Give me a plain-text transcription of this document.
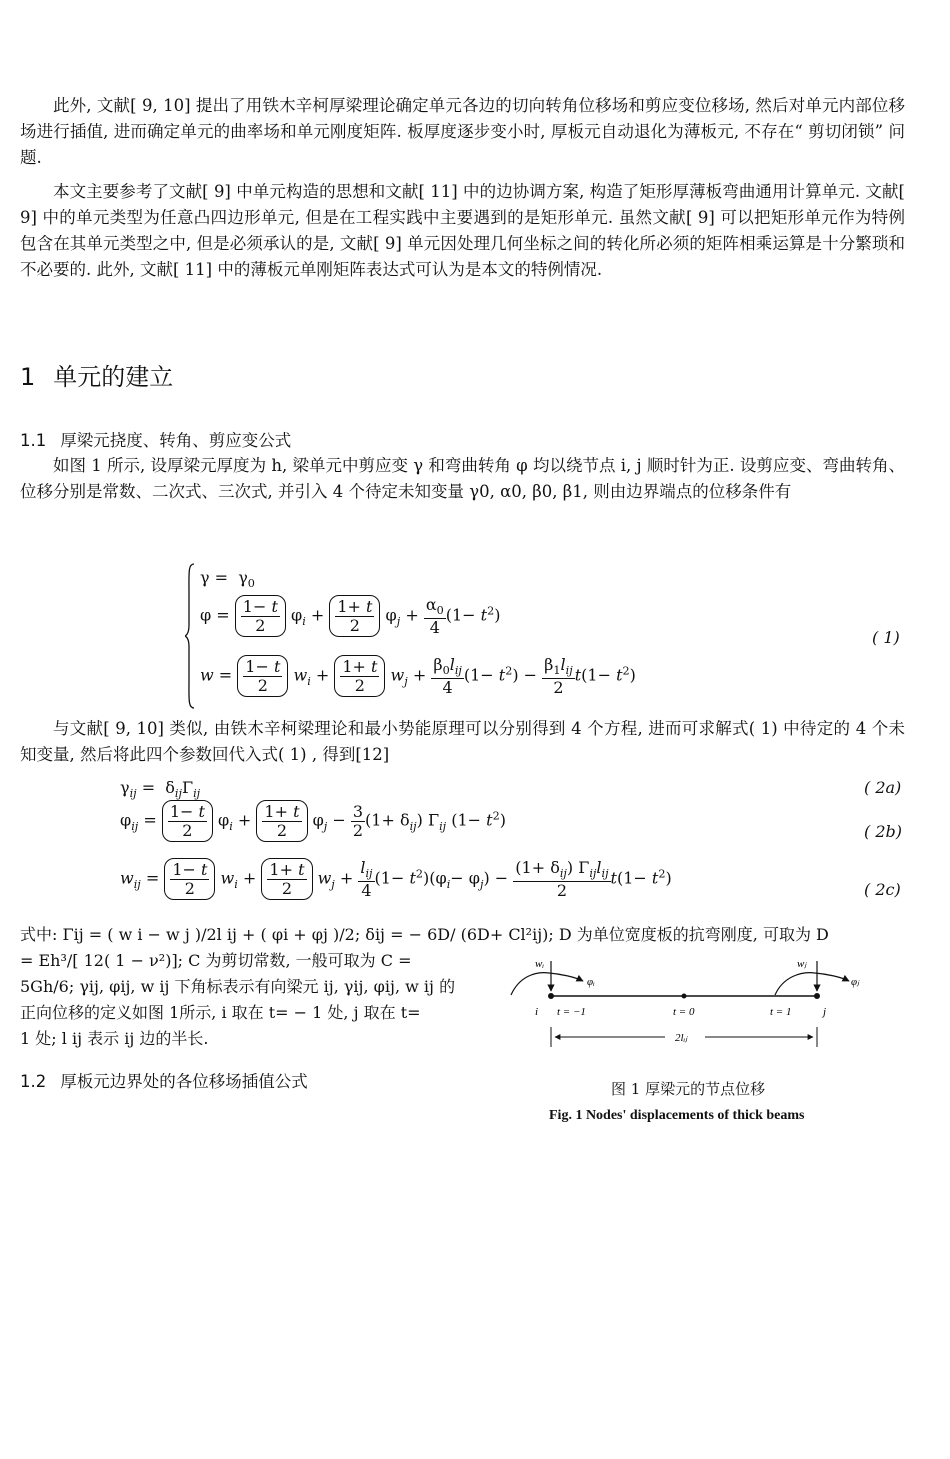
此外, 文献[ 9, 10] 提出了用铁木辛柯厚梁理论确定单元各边的切向转角位移场和剪应变位移场, 然后对单元内部位移场进行插值, 进而确定单元的曲率场和单元刚度矩阵. 板厚度逐步变小时, 厚板元自动退化为薄板元, 不存在“ 剪切闭锁” 问题.

本文主要参考了文献[ 9] 中单元构造的思想和文献[ 11] 中的边协调方案, 构造了矩形厚薄板弯曲通用计算单元. 文献[ 9] 中的单元类型为任意凸四边形单元, 但是在工程实践中主要遇到的是矩形单元. 虽然文献[ 9] 可以把矩形单元作为特例包含在其单元类型之中, 但是必须承认的是, 文献[ 9] 单元因处理几何坐标之间的转化所必须的矩阵相乘运算是十分繁琐和不必要的. 此外, 文献[ 11] 中的薄板元单刚矩阵表达式可认为是本文的特例情况.

1 单元的建立
1.1 厚梁元挠度、转角、剪应变公式

如图 1 所示, 设厚梁元厚度为 h, 梁单元中剪应变 γ 和弯曲转角 φ 均以绕节点 i, j 顺时针为正. 设剪应变、弯曲转角、位移分别是常数、二次式、三次式, 并引入 4 个待定未知变量 γ0, α0, β0, β1, 则由边界端点的位移条件有

$\gamma = \gamma_0$
$\varphi = \frac{1- t}{2} \varphi_i + \frac{1+ t}{2} \varphi_j + \frac{\alpha_0}{4} (1- t^2)$
$w = \frac{1- t}{2} w_i + \frac{1+ t}{2} w_j + \frac{\beta_0l_{ij}}{4} (1- t^2) - \frac{\beta_1l_{ij}}{2} t(1- t^2)$
( 1)

与文献[ 9, 10] 类似, 由铁木辛柯梁理论和最小势能原理可以分别得到 4 个方程, 进而可求解式( 1) 中待定的 4 个未知变量, 然后将此四个参数回代入式( 1) , 得到[12]

$\gamma_{ij} = \delta_{ij}\Gamma_{ij}$	( 2a)
$\varphi_{ij} = \frac{1- t}{2} \varphi_i + \frac{1+ t}{2} \varphi_j - \frac{3}{2} (1+ \delta_{ij})$ $\Gamma_{ij}$ $(1- t^2)$
( 2b)
$w_{ij} = \frac{1- t}{2} w_i + \frac{1+ t}{2} w_j + \frac{l_{ij}}{4} (1- t^2)(\varphi_i- \varphi_j) - \frac{(1+ \delta_{ij}) \Gamma_{ij}l_{ij}}{2} t(1- t^2)$
( 2c)
式中: Γij = ( w i − w j )/2l ij + ( φi + φj )/2; δij = − 6D/ (6D+ Cl²ij); D 为单位宽度板的抗弯刚度, 可取为 D
= Eh³/[ 12( 1 − ν²)]; C 为剪切常数, 一般可取为 C =
5Gh/6; γij, φij, w ij 下角标表示有向梁元 ij, γij, φij, w ij 的
正向位移的定义如图 1所示, i 取在 t= − 1 处, j 取在 t=
1 处; l ij 表示 ij 边的半长.
1.2 厚板元边界处的各位移场插值公式
wᵢ	wⱼ
φᵢ	φⱼ
i	j
t = −1	t = 0	t = 1
2lᵢⱼ
图 1 厚梁元的节点位移
Fig. 1 Nodes' displacements of thick beams
